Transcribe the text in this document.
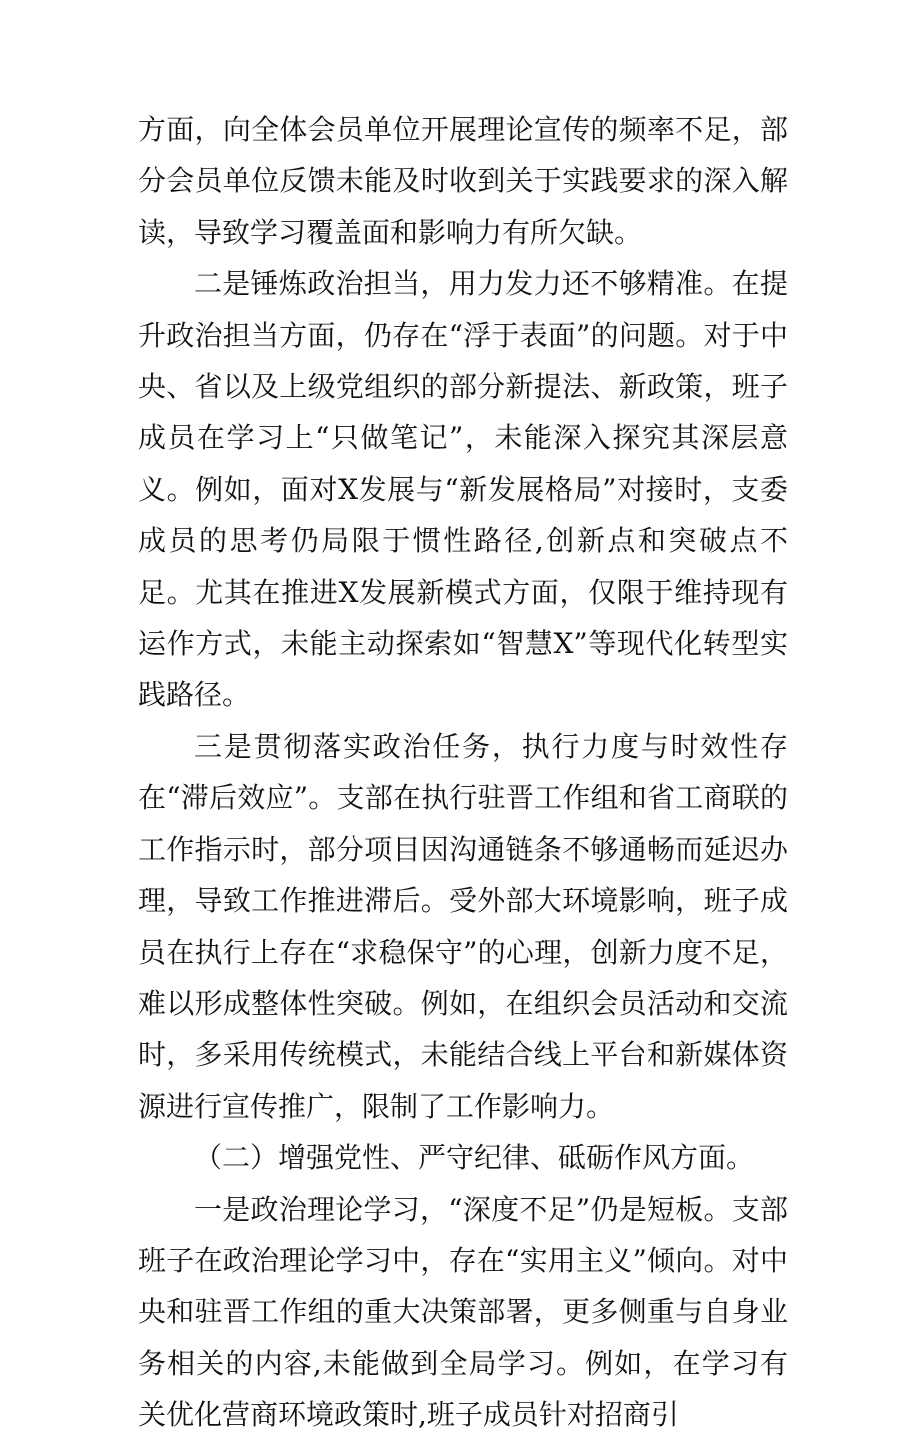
方面，向全体会员单位开展理论宣传的频率不足，部分会员单位反馈未能及时收到关于实践要求的深入解读，导致学习覆盖面和影响力有所欠缺。

二是锤炼政治担当，用力发力还不够精准。在提升政治担当方面，仍存在“浮于表面”的问题。对于中央、省以及上级党组织的部分新提法、新政策，班子成员在学习上“只做笔记”，未能深入探究其深层意义。例如，面对X发展与“新发展格局”对接时，支委成员的思考仍局限于惯性路径,创新点和突破点不足。尤其在推进X发展新模式方面，仅限于维持现有运作方式，未能主动探索如“智慧X”等现代化转型实践路径。

三是贯彻落实政治任务，执行力度与时效性存在“滞后效应”。支部在执行驻晋工作组和省工商联的工作指示时，部分项目因沟通链条不够通畅而延迟办理，导致工作推进滞后。受外部大环境影响，班子成员在执行上存在“求稳保守”的心理，创新力度不足，难以形成整体性突破。例如，在组织会员活动和交流时，多采用传统模式，未能结合线上平台和新媒体资源进行宣传推广，限制了工作影响力。

（二）增强党性、严守纪律、砥砺作风方面。

一是政治理论学习，“深度不足”仍是短板。支部班子在政治理论学习中，存在“实用主义”倾向。对中央和驻晋工作组的重大决策部署，更多侧重与自身业务相关的内容,未能做到全局学习。例如，在学习有关优化营商环境政策时,班子成员针对招商引
